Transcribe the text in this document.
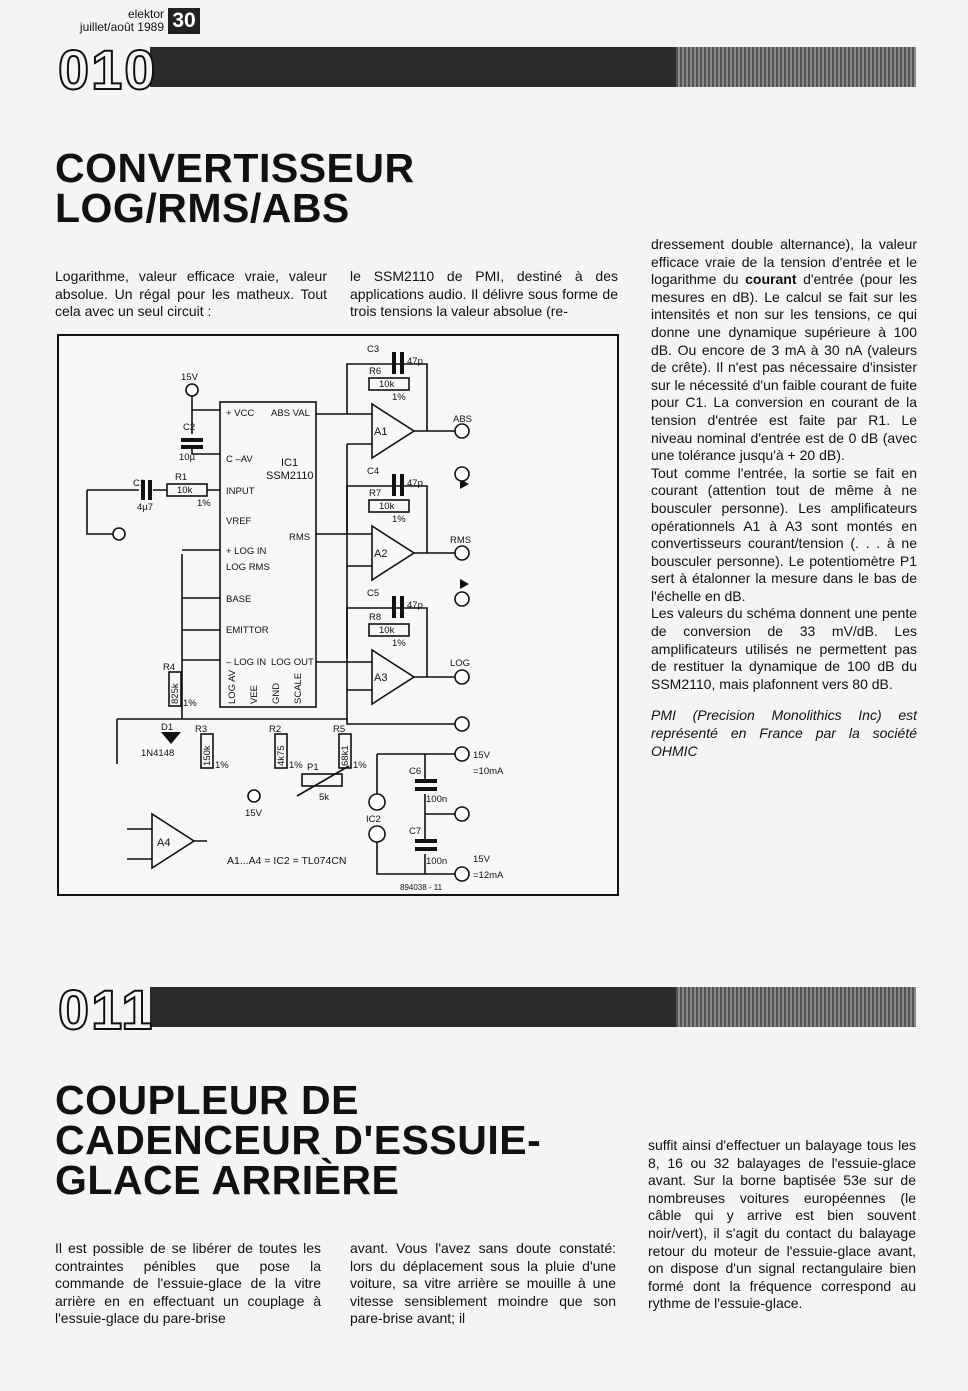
elektor
juillet/août 1989 30
010
CONVERTISSEUR
LOG/RMS/ABS

Logarithme, valeur efficace vraie, valeur absolue. Un régal pour les matheux. Tout cela avec un seul circuit :

le SSM2110 de PMI, destiné à des applications audio. Il délivre sous forme de trois tensions la valeur absolue (re-

dressement double alternance), la valeur efficace vraie de la tension d'entrée et le logarithme du courant d'entrée (pour les mesures en dB). Le calcul se fait sur les intensités et non sur les tensions, ce qui donne une dynamique supérieure à 100 dB. Ou encore de 3 mA à 30 nA (valeurs de crête). Il n'est pas nécessaire d'insister sur le nécessité d'un faible courant de fuite pour C1. La conversion en courant de la tension d'entrée est faite par R1. Le niveau nominal d'entrée est de 0 dB (avec une tolérance jusqu'à + 20 dB).

Tout comme l'entrée, la sortie se fait en courant (attention tout de même à ne bousculer personne). Les amplificateurs opérationnels A1 à A3 sont montés en convertisseurs courant/tension (. . . à ne bousculer personne). Le potentiomètre P1 sert à étalonner la mesure dans le bas de l'échelle en dB.

Les valeurs du schéma donnent une pente de conversion de 33 mV/dB. Les amplificateurs utilisés ne permettent pas de restituer la dynamique de 100 dB du SSM2110, mais plafonnent vers 80 dB.

PMI (Precision Monolithics Inc) est représenté en France par la société OHMIC

+ VCC ABS VAL
C –AV	IC1
SSM2110
INPUT
VREF
RMS
+ LOG IN
LOG RMS
BASE
EMITTOR
– LOG IN LOG OUT
LOG AV VEE GND SCALE
15V
ABS
RMS
LOG
C1
4µ7
R1
10k
1%
C2
10µ
C3
47p
R6
10k
1%
C4
47p
R7
10k
1%
C5
47p
R8
10k
1%
A1
A2
A3
A4
R4
825k 1%
R3
150k 1%
R2
4k75 1%
R5
68k1 1%
P1
5k
D1
1N4148
15V
15V
=10mA
15V
=12mA
C6
100n
C7
100n
IC2
A1...A4 = IC2 = TL074CN
894038 - 11
011
COUPLEUR DE
CADENCEUR D'ESSUIE-
GLACE ARRIÈRE

Il est possible de se libérer de toutes les contraintes pénibles que pose la commande de l'essuie-glace de la vitre arrière en en effectuant un couplage à l'essuie-glace du pare-brise

avant. Vous l'avez sans doute constaté: lors du déplacement sous la pluie d'une voiture, sa vitre arrière se mouille à une vitesse sensiblement moindre que son pare-brise avant; il

suffit ainsi d'effectuer un balayage tous les 8, 16 ou 32 balayages de l'essuie-glace avant. Sur la borne baptisée 53e sur de nombreuses voitures européennes (le câble qui y arrive est bien souvent noir/vert), il s'agit du contact du balayage retour du moteur de l'essuie-glace avant, on dispose d'un signal rectangulaire bien formé dont la fréquence correspond au rythme de l'essuie-glace.
